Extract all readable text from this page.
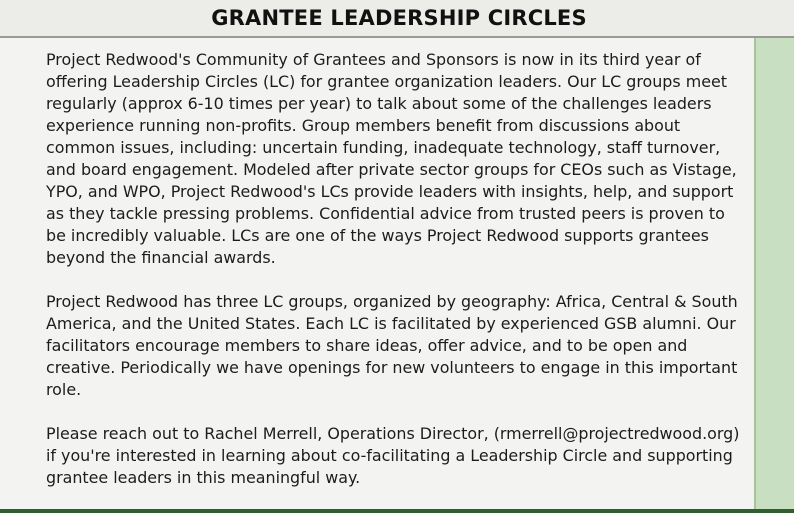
GRANTEE LEADERSHIP CIRCLES

Project Redwood's Community of Grantees and Sponsors is now in its third year of offering Leadership Circles (LC) for grantee organization leaders. Our LC groups meet regularly (approx 6-10 times per year) to talk about some of the challenges leaders experience running non-profits. Group members benefit from discussions about common issues, including: uncertain funding, inadequate technology, staff turnover, and board engagement. Modeled after private sector groups for CEOs such as Vistage, YPO, and WPO, Project Redwood's LCs provide leaders with insights, help, and support as they tackle pressing problems. Confidential advice from trusted peers is proven to be incredibly valuable. LCs are one of the ways Project Redwood supports grantees beyond the financial awards.

Project Redwood has three LC groups, organized by geography: Africa, Central & South America, and the United States. Each LC is facilitated by experienced GSB alumni. Our facilitators encourage members to share ideas, offer advice, and to be open and creative. Periodically we have openings for new volunteers to engage in this important role.

Please reach out to Rachel Merrell, Operations Director, (rmerrell@projectredwood.org) if you're interested in learning about co-facilitating a Leadership Circle and supporting grantee leaders in this meaningful way.
